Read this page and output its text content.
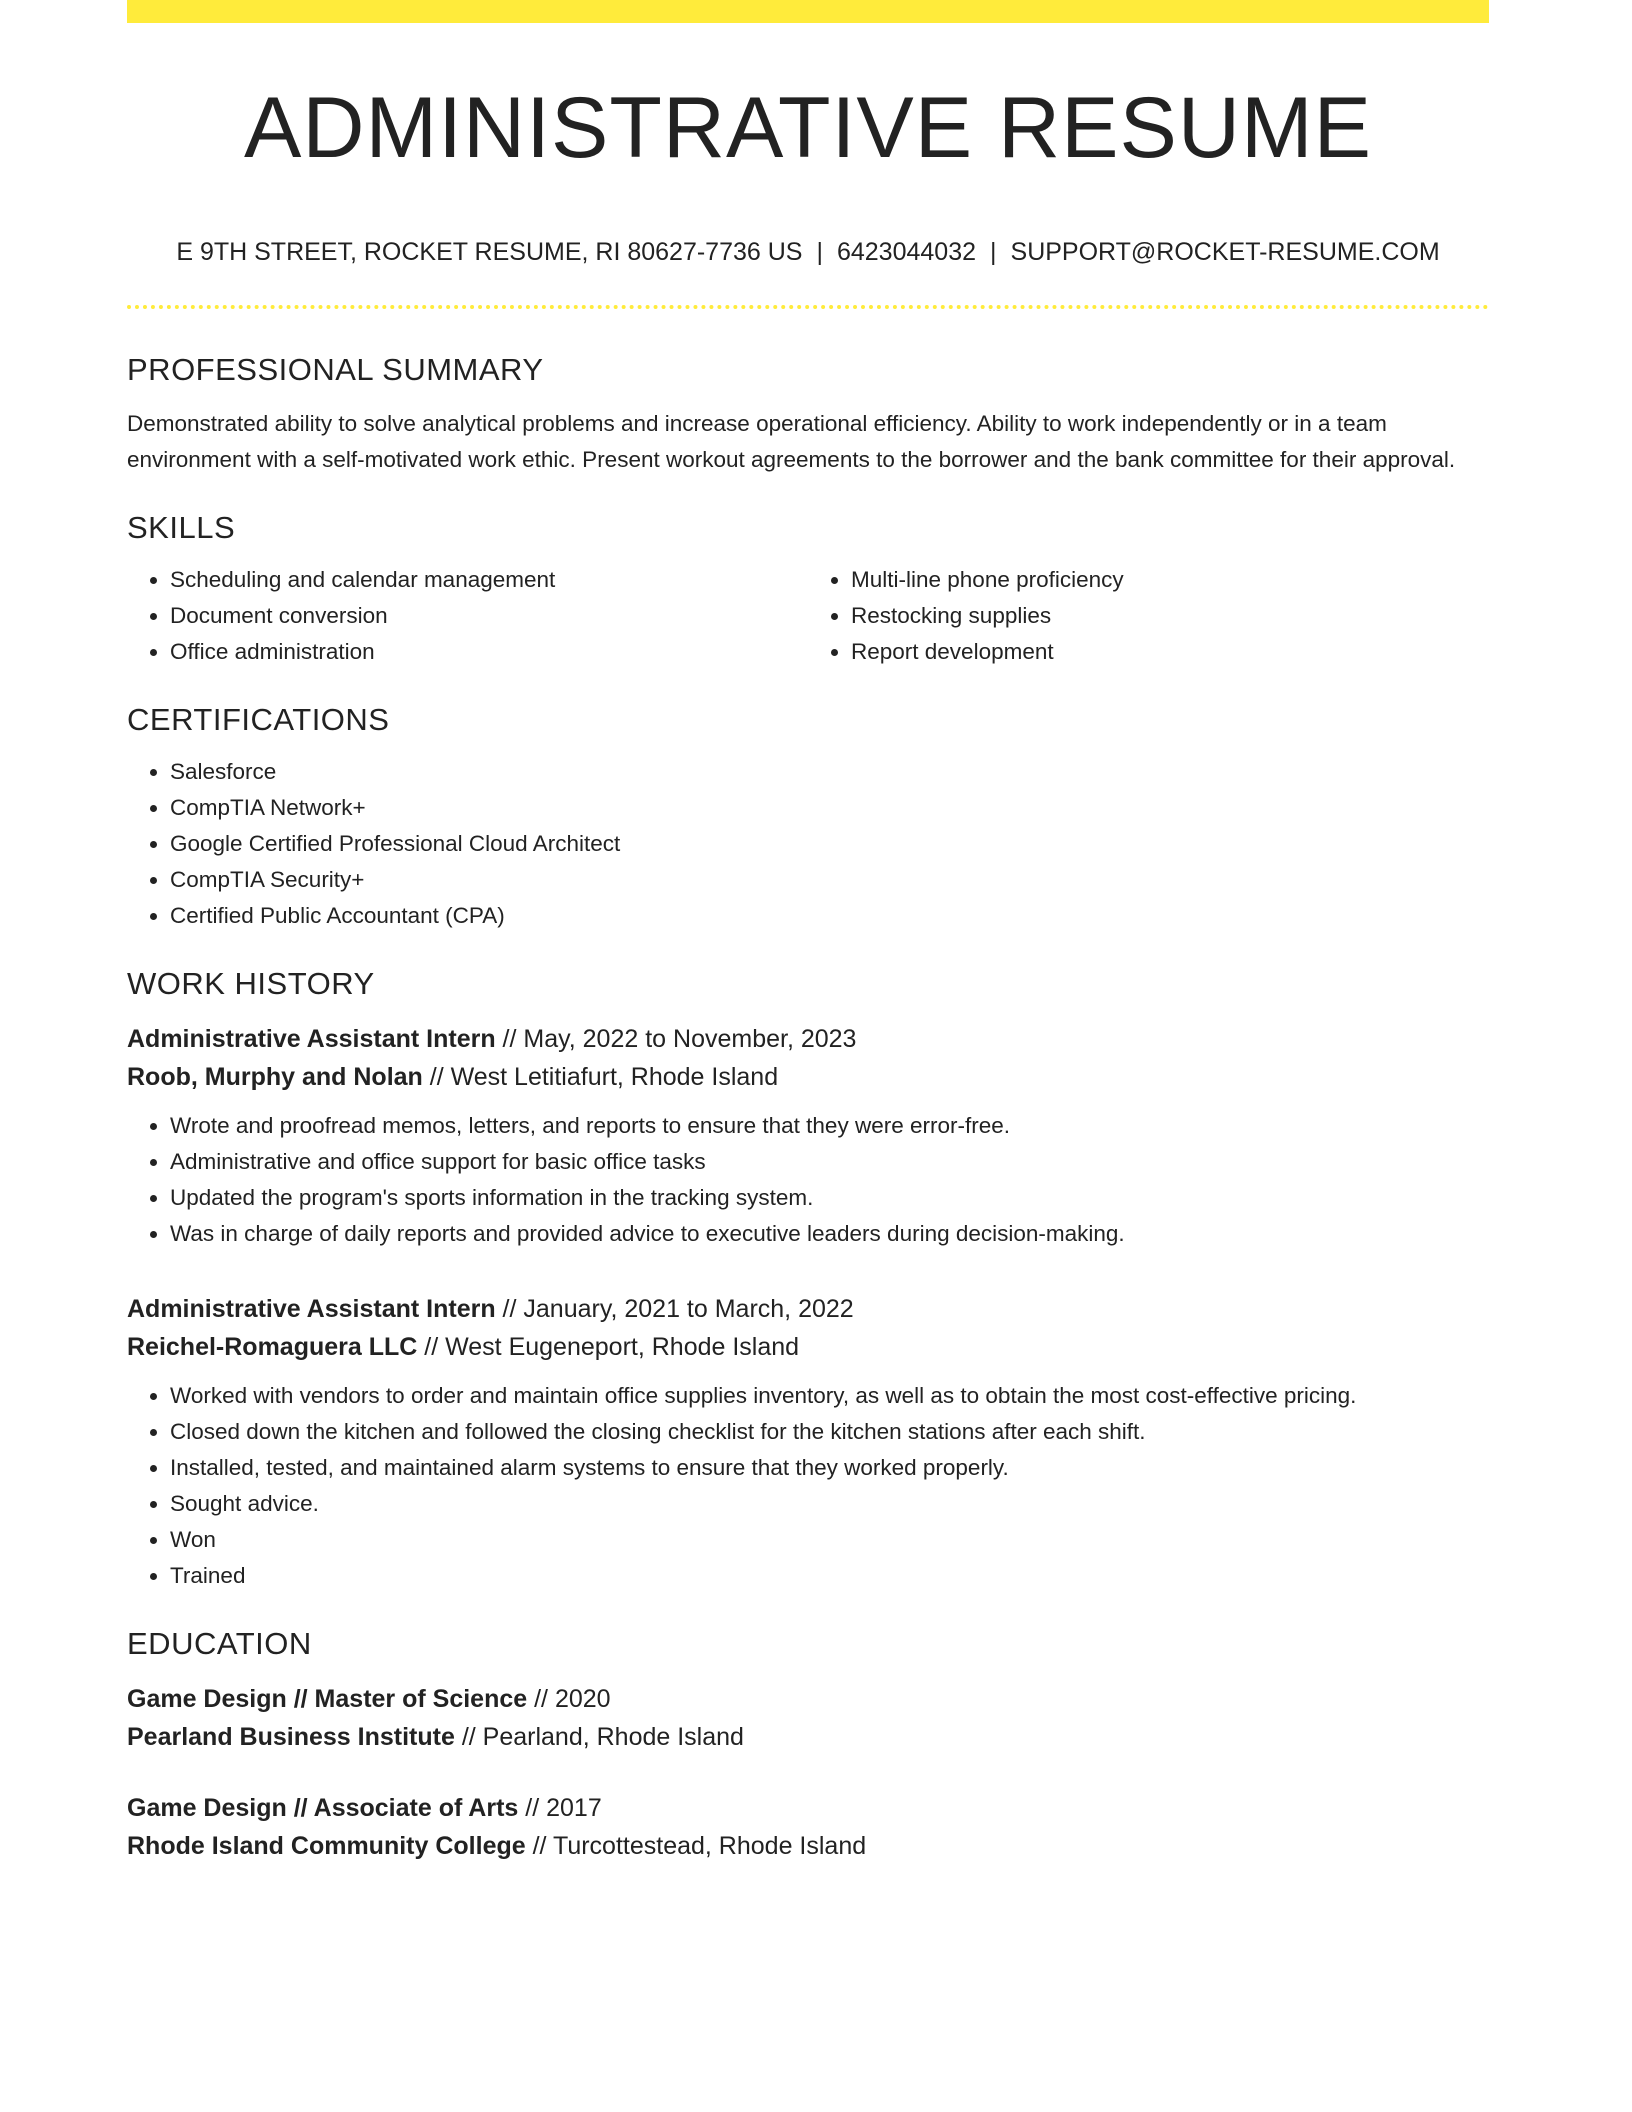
ADMINISTRATIVE RESUME
E 9TH STREET, ROCKET RESUME, RI 80627-7736 US | 6423044032 | SUPPORT@ROCKET-RESUME.COM
PROFESSIONAL SUMMARY

Demonstrated ability to solve analytical problems and increase operational efficiency. Ability to work independently or in a team environment with a self-motivated work ethic. Present workout agreements to the borrower and the bank committee for their approval.

SKILLS
• Scheduling and calendar management
• Document conversion
• Office administration
• Multi-line phone proficiency
• Restocking supplies
• Report development
CERTIFICATIONS
• Salesforce
• CompTIA Network+
• Google Certified Professional Cloud Architect
• CompTIA Security+
• Certified Public Accountant (CPA)
WORK HISTORY
Administrative Assistant Intern // May, 2022 to November, 2023
Roob, Murphy and Nolan // West Letitiafurt, Rhode Island
• Wrote and proofread memos, letters, and reports to ensure that they were error-free.
• Administrative and office support for basic office tasks
• Updated the program's sports information in the tracking system.
• Was in charge of daily reports and provided advice to executive leaders during decision-making.
Administrative Assistant Intern // January, 2021 to March, 2022
Reichel-Romaguera LLC // West Eugeneport, Rhode Island
• Worked with vendors to order and maintain office supplies inventory, as well as to obtain the most cost-effective pricing.
• Closed down the kitchen and followed the closing checklist for the kitchen stations after each shift.
• Installed, tested, and maintained alarm systems to ensure that they worked properly.
• Sought advice.
• Won
• Trained
EDUCATION
Game Design // Master of Science // 2020
Pearland Business Institute // Pearland, Rhode Island
Game Design // Associate of Arts // 2017
Rhode Island Community College // Turcottestead, Rhode Island
